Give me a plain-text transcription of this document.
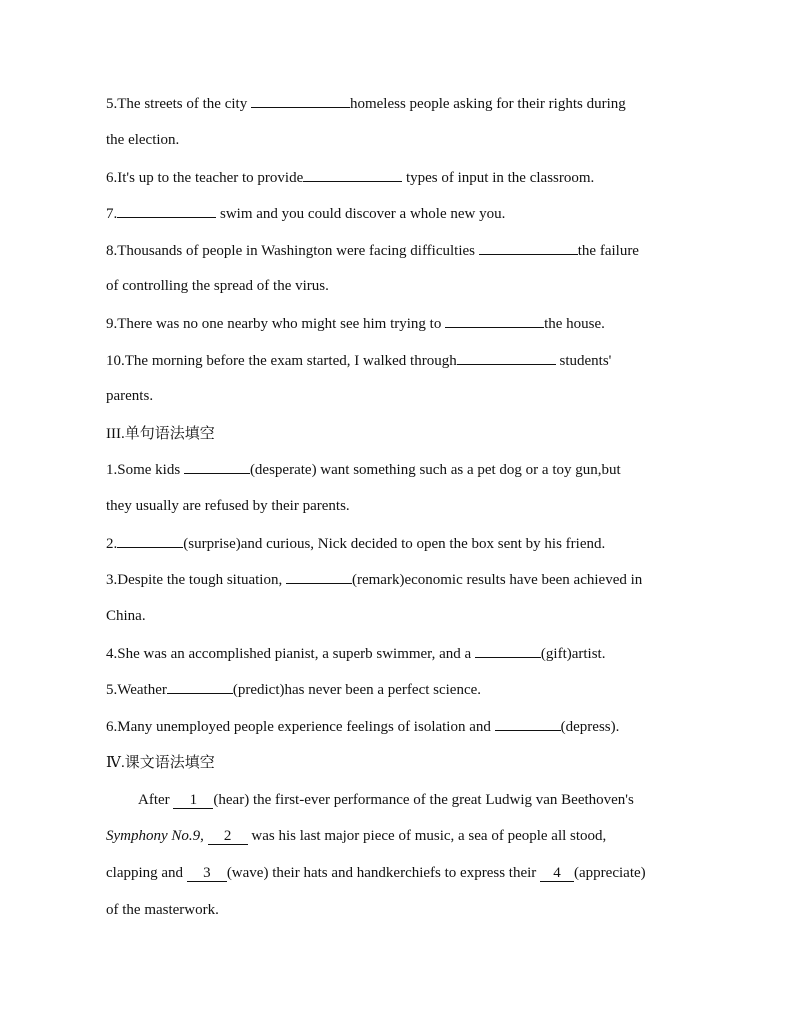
5.The streets of the city	homeless people asking for their rights during
the election.
6.It's up to the teacher to provide	types of input in the classroom.
7.	swim and you could discover a whole new you.
8.Thousands of people in Washington were facing difficulties	the failure
of controlling the spread of the virus.
9.There was no one nearby who might see him trying to	the house.
10.The morning before the exam started, I walked through	students'
parents.
III.单句语法填空
1.Some kids	(desperate) want something such as a pet dog or a toy gun,but
they usually are refused by their parents.
2.	(surprise)and curious, Nick decided to open the box sent by his friend.
3.Despite the tough situation,	(remark)economic results have been achieved in
China.
4.She was an accomplished pianist, a superb swimmer, and a	(gift)artist.
5.Weather	(predict)has never been a perfect science.
6.Many unemployed people experience feelings of isolation and	(depress).
Ⅳ.课文语法填空
After 1 (hear) the first-ever performance of the great Ludwig van Beethoven's
Symphony No.9, 2 was his last major piece of music, a sea of people all stood,
clapping and 3 (wave) their hats and handkerchiefs to express their 4 (appreciate)
of the masterwork.
